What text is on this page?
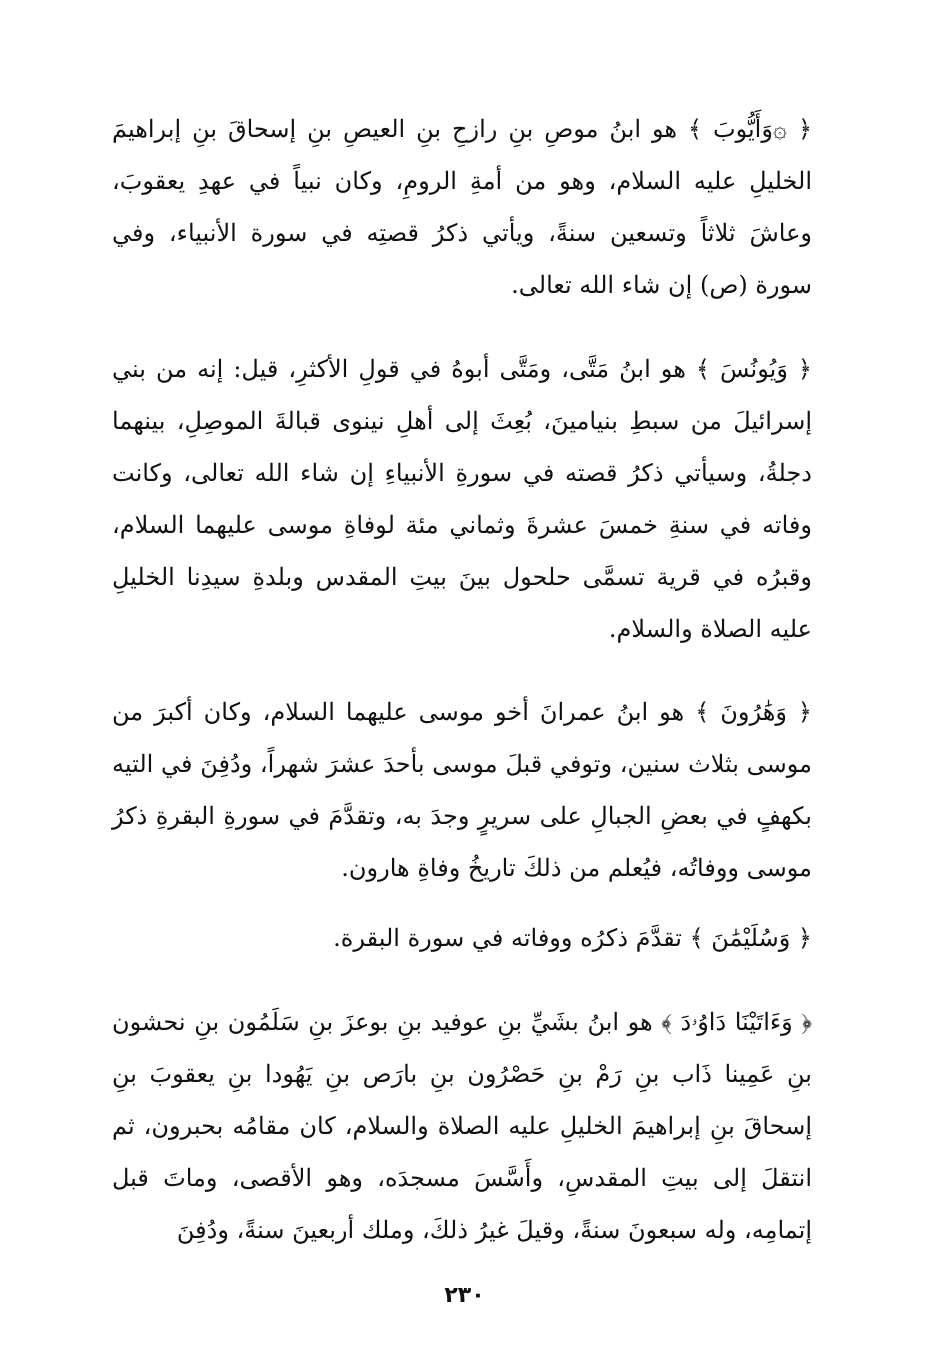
﴿ ۞وَأَيُّوبَ ﴾ هو ابنُ موصِ بنِ رازحِ بنِ العيصِ بنِ إسحاقَ بنِ إبراهيمَ الخليلِ عليه السلام، وهو من أمةِ الرومِ، وكان نبياً في عهدِ يعقوبَ، وعاشَ ثلاثاً وتسعين سنةً، ويأتي ذكرُ قصتِه في سورة الأنبياء، وفي سورة (ص) إن شاء الله تعالى.
﴿ وَيُونُسَ ﴾ هو ابنُ مَتَّى، ومَتَّى أبوهُ في قولِ الأكثرِ، قيل: إنه من بني إسرائيلَ من سبطِ بنيامينَ، بُعِثَ إلى أهلِ نينوى قبالةَ الموصِلِ، بينهما دجلةُ، وسيأتي ذكرُ قصته في سورةِ الأنبياءِ إن شاء الله تعالى، وكانت وفاته في سنةِ خمسَ عشرةَ وثماني مئة لوفاةِ موسى عليهما السلام، وقبرُه في قرية تسمَّى حلحول بينَ بيتِ المقدس وبلدةِ سيدِنا الخليلِ عليه الصلاة والسلام.
﴿ وَهَٰرُونَ ﴾ هو ابنُ عمرانَ أخو موسى عليهما السلام، وكان أكبرَ من موسى بثلاث سنين، وتوفي قبلَ موسى بأحدَ عشرَ شهراً، ودُفِنَ في التيه بكهفٍ في بعضِ الجبالِ على سريرٍ وجدَ به، وتقدَّمَ في سورةِ البقرةِ ذكرُ موسى ووفاتُه، فيُعلم من ذلكَ تاريخُ وفاةِ هارون.
﴿ وَسُلَيْمَٰنَ ﴾ تقدَّمَ ذكرُه ووفاته في سورة البقرة.
﴿ وَءَاتَيْنَا دَاوُۥدَ ﴾ هو ابنُ بشَيِّ بنِ عوفيد بنِ بوعزَ بنِ سَلَمُون بنِ نحشون بنِ عَمِينا ذَاب بنِ رَمْ بنِ حَصْرُون بنِ بارَص بنِ يَهُودا بنِ يعقوبَ بنِ إسحاقَ بنِ إبراهيمَ الخليلِ عليه الصلاة والسلام، كان مقامُه بحبرون، ثم انتقلَ إلى بيتِ المقدسِ، وأَسَّسَ مسجدَه، وهو الأقصى، وماتَ قبل إتمامِه، وله سبعونَ سنةً، وقيلَ غيرُ ذلكَ، وملك أربعينَ سنةً، ودُفِنَ
٢٣٠
